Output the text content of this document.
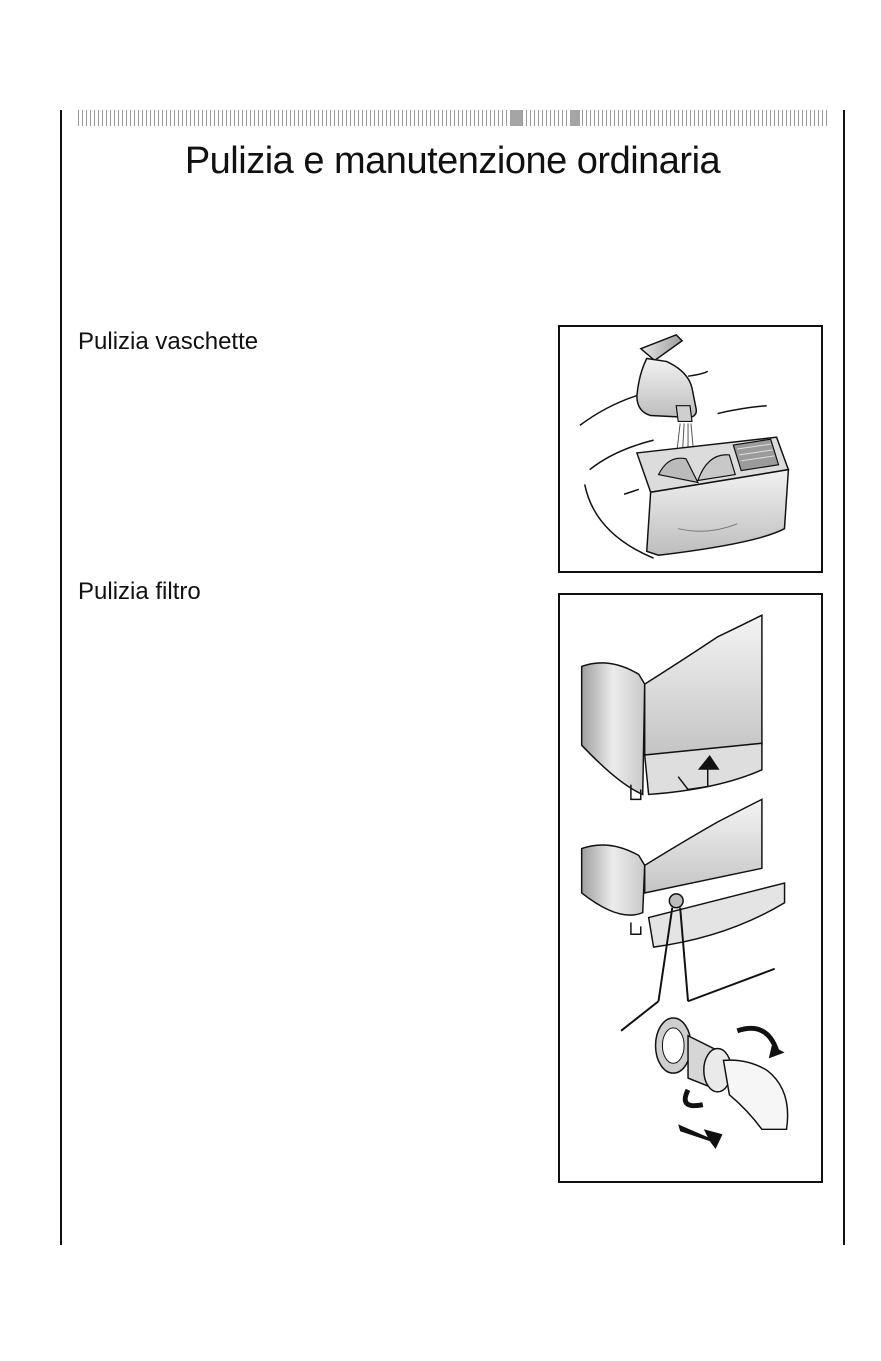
Pulizia e manutenzione ordinaria
Pulizia vaschette
Pulizia filtro
